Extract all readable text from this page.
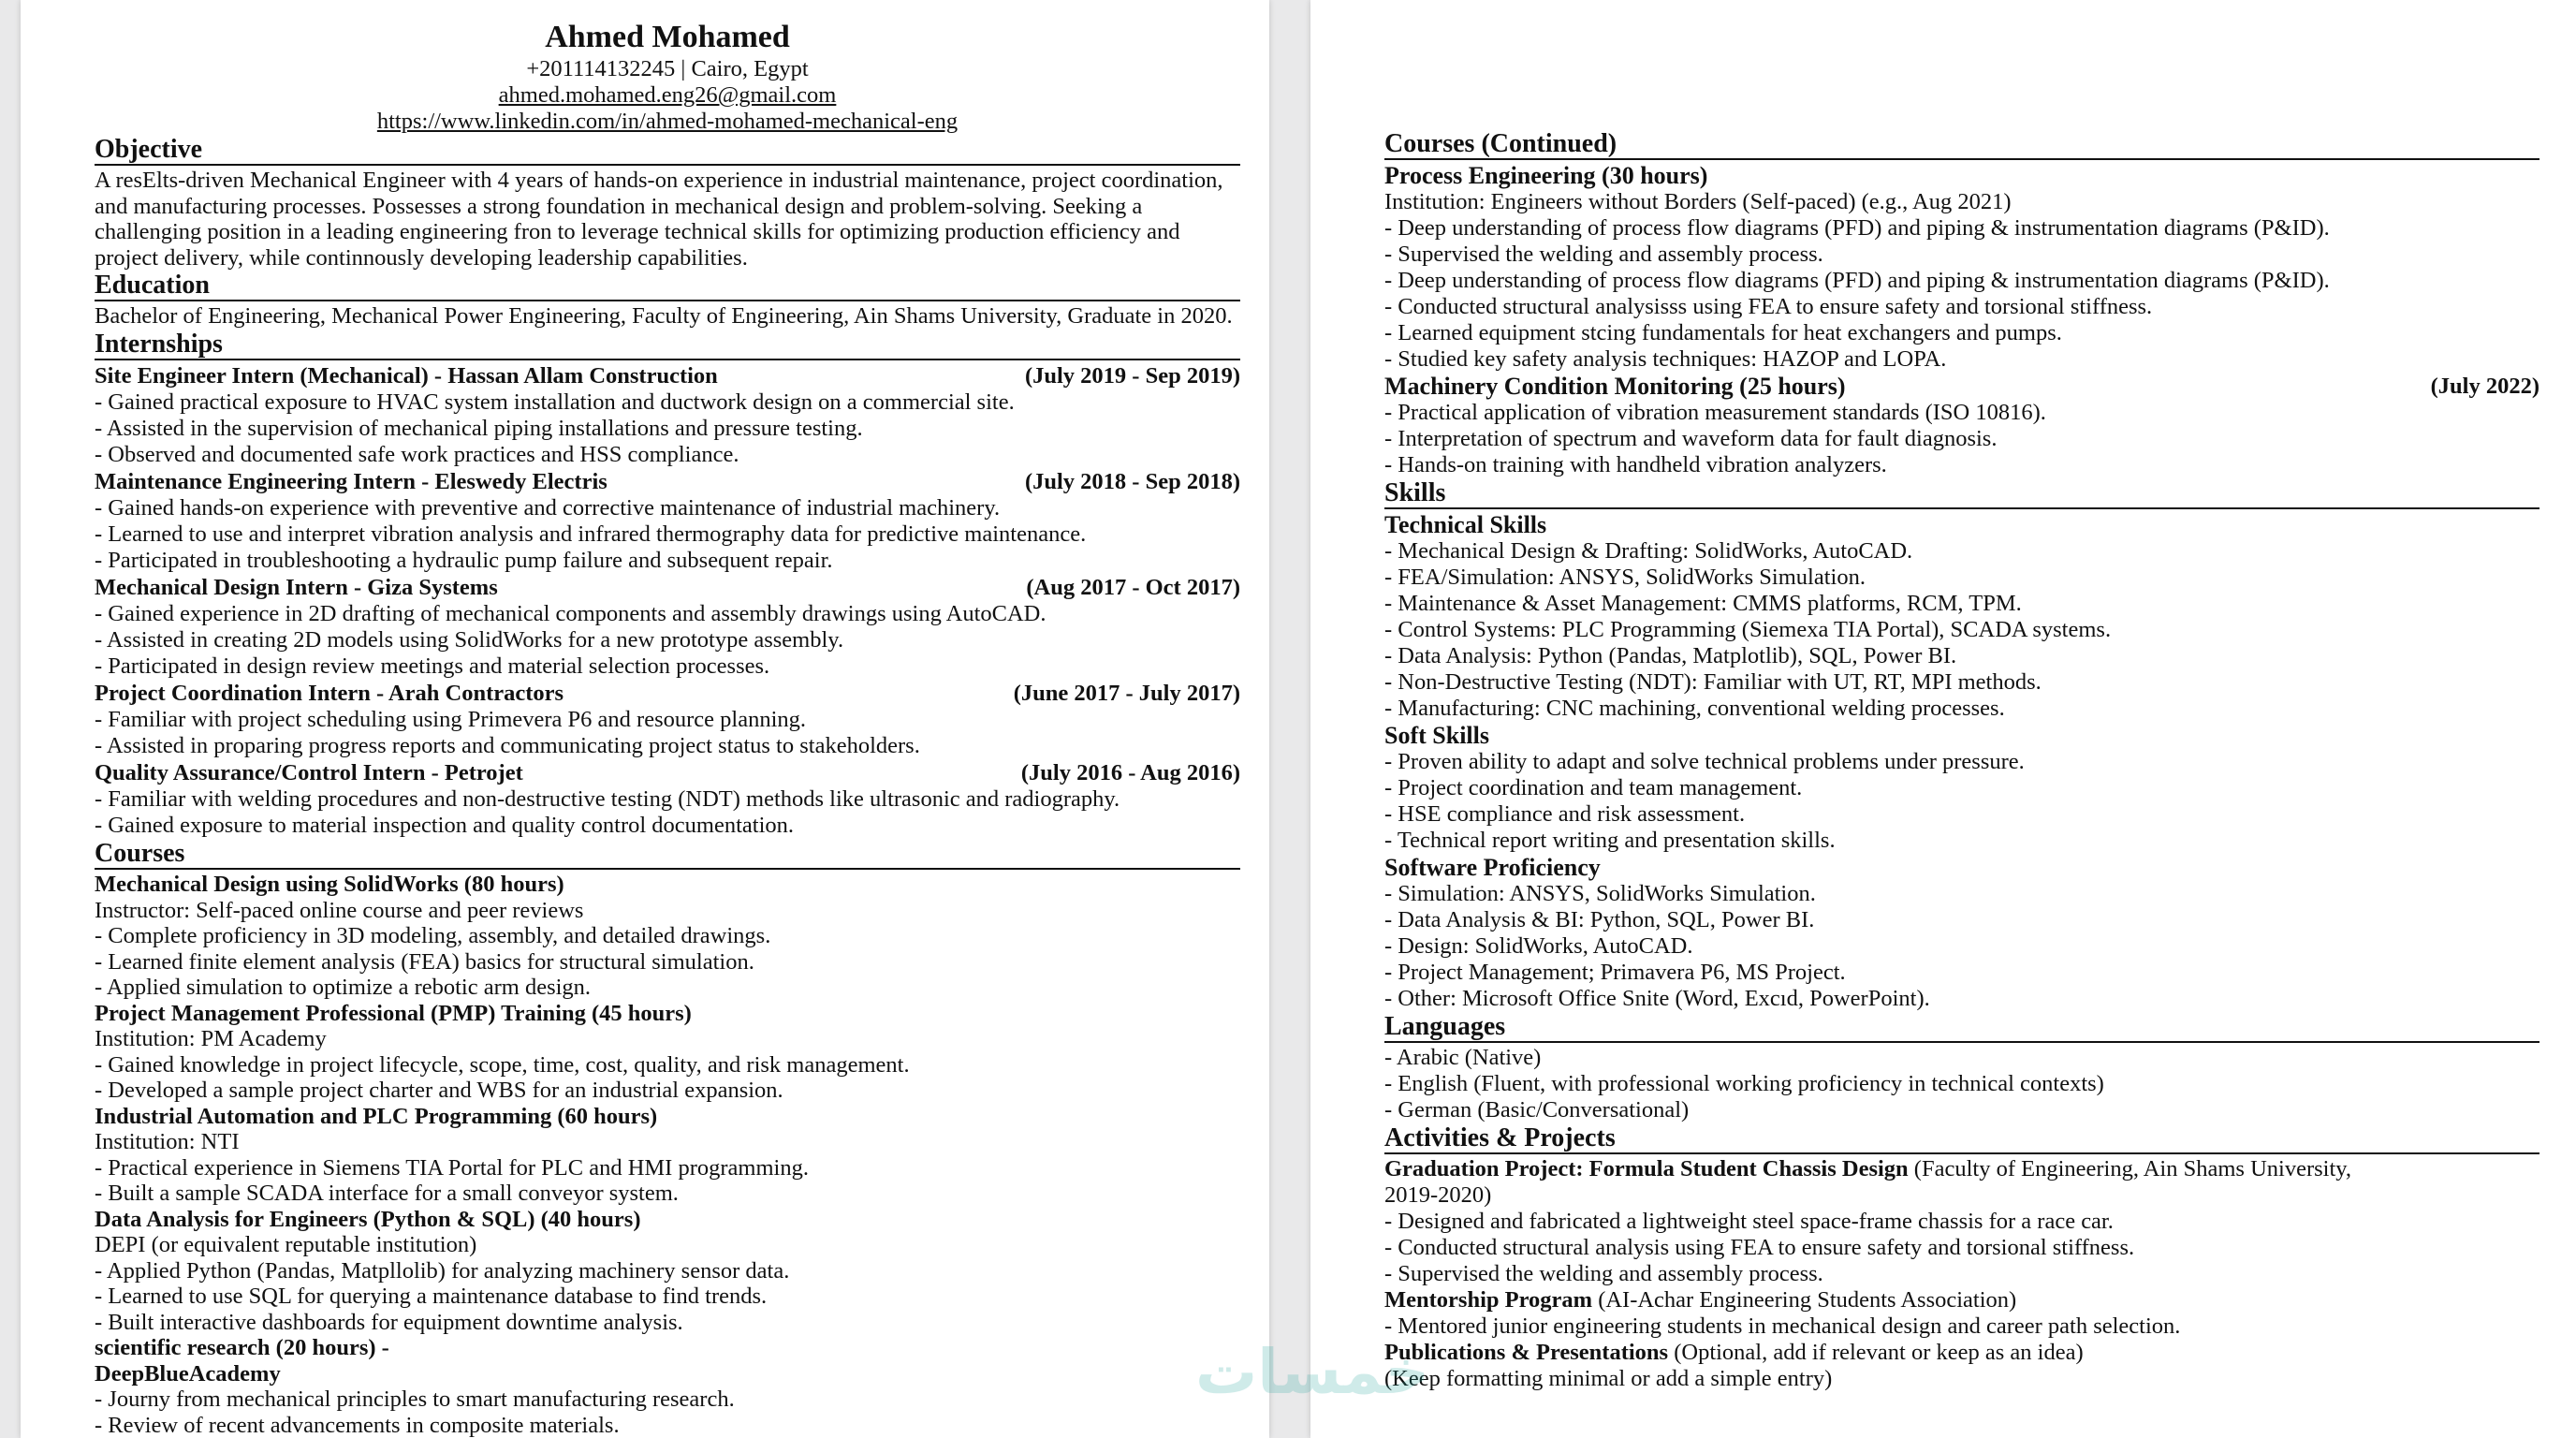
Ahmed Mohamed
+201114132245 | Cairo, Egypt
ahmed.mohamed.eng26@gmail.com
https://www.linkedin.com/in/ahmed-mohamed-mechanical-eng
Objective
A resElts-driven Mechanical Engineer with 4 years of hands-on experience in industrial maintenance, project coordination,
and manufacturing processes. Possesses a strong foundation in mechanical design and problem-solving. Seeking a
challenging position in a leading engineering fron to leverage technical skills for optimizing production efficiency and
project delivery, while continnously developing leadership capabilities.
Education
Bachelor of Engineering, Mechanical Power Engineering, Faculty of Engineering, Ain Shams University, Graduate in 2020.
Internships
Site Engineer Intern (Mechanical) - Hassan Allam Construction	(July 2019 - Sep 2019)
- Gained practical exposure to HVAC system installation and ductwork design on a commercial site.
- Assisted in the supervision of mechanical piping installations and pressure testing.
- Observed and documented safe work practices and HSS compliance.
Maintenance Engineering Intern - Eleswedy Electris	(July 2018 - Sep 2018)
- Gained hands-on experience with preventive and corrective maintenance of industrial machinery.
- Learned to use and interpret vibration analysis and infrared thermography data for predictive maintenance.
- Participated in troubleshooting a hydraulic pump failure and subsequent repair.
Mechanical Design Intern - Giza Systems	(Aug 2017 - Oct 2017)
- Gained experience in 2D drafting of mechanical components and assembly drawings using AutoCAD.
- Assisted in creating 2D models using SolidWorks for a new prototype assembly.
- Participated in design review meetings and material selection processes.
Project Coordination Intern - Arah Contractors	(June 2017 - July 2017)
- Familiar with project scheduling using Primevera P6 and resource planning.
- Assisted in proparing progress reports and communicating project status to stakeholders.
Quality Assurance/Control Intern - Petrojet	(July 2016 - Aug 2016)
- Familiar with welding procedures and non-destructive testing (NDT) methods like ultrasonic and radiography.
- Gained exposure to material inspection and quality control documentation.
Courses
Mechanical Design using SolidWorks (80 hours)
Instructor: Self-paced online course and peer reviews
- Complete proficiency in 3D modeling, assembly, and detailed drawings.
- Learned finite element analysis (FEA) basics for structural simulation.
- Applied simulation to optimize a rebotic arm design.
Project Management Professional (PMP) Training (45 hours)
Institution: PM Academy
- Gained knowledge in project lifecycle, scope, time, cost, quality, and risk management.
- Developed a sample project charter and WBS for an industrial expansion.
Industrial Automation and PLC Programming (60 hours)
Institution: NTI
- Practical experience in Siemens TIA Portal for PLC and HMI programming.
- Built a sample SCADA interface for a small conveyor system.
Data Analysis for Engineers (Python & SQL) (40 hours)
DEPI (or equivalent reputable institution)
- Applied Python (Pandas, Matpllolib) for analyzing machinery sensor data.
- Learned to use SQL for querying a maintenance database to find trends.
- Built interactive dashboards for equipment downtime analysis.
scientific research (20 hours) -
DeepBlueAcademy
- Journy from mechanical principles to smart manufacturing research.
- Review of recent advancements in composite materials.
Courses (Continued)
Process Engineering (30 hours)
Institution: Engineers without Borders (Self-paced) (e.g., Aug 2021)
- Deep understanding of process flow diagrams (PFD) and piping & instrumentation diagrams (P&ID).
- Supervised the welding and assembly process.
- Deep understanding of process flow diagrams (PFD) and piping & instrumentation diagrams (P&ID).
- Conducted structural analysisss using FEA to ensure safety and torsional stiffness.
- Learned equipment stcing fundamentals for heat exchangers and pumps.
- Studied key safety analysis techniques: HAZOP and LOPA.
Machinery Condition Monitoring (25 hours)	(July 2022)
- Practical application of vibration measurement standards (ISO 10816).
- Interpretation of spectrum and waveform data for fault diagnosis.
- Hands-on training with handheld vibration analyzers.
Skills
Technical Skills
- Mechanical Design & Drafting: SolidWorks, AutoCAD.
- FEA/Simulation: ANSYS, SolidWorks Simulation.
- Maintenance & Asset Management: CMMS platforms, RCM, TPM.
- Control Systems: PLC Programming (Siemexa TIA Portal), SCADA systems.
- Data Analysis: Python (Pandas, Matplotlib), SQL, Power BI.
- Non-Destructive Testing (NDT): Familiar with UT, RT, MPI methods.
- Manufacturing: CNC machining, conventional welding processes.
Soft Skills
- Proven ability to adapt and solve technical problems under pressure.
- Project coordination and team management.
- HSE compliance and risk assessment.
- Technical report writing and presentation skills.
Software Proficiency
- Simulation: ANSYS, SolidWorks Simulation.
- Data Analysis & BI: Python, SQL, Power BI.
- Design: SolidWorks, AutoCAD.
- Project Management; Primavera P6, MS Project.
- Other: Microsoft Office Snite (Word, Excıd, PowerPoint).
Languages
- Arabic (Native)
- English (Fluent, with professional working proficiency in technical contexts)
- German (Basic/Conversational)
Activities & Projects
Graduation Project: Formula Student Chassis Design (Faculty of Engineering, Ain Shams University,
2019-2020)
- Designed and fabricated a lightweight steel space-frame chassis for a race car.
- Conducted structural analysis using FEA to ensure safety and torsional stiffness.
- Supervised the welding and assembly process.
Mentorship Program (AI-Achar Engineering Students Association)
- Mentored junior engineering students in mechanical design and career path selection.
Publications & Presentations (Optional, add if relevant or keep as an idea)
(Keep formatting minimal or add a simple entry)
خمسات
